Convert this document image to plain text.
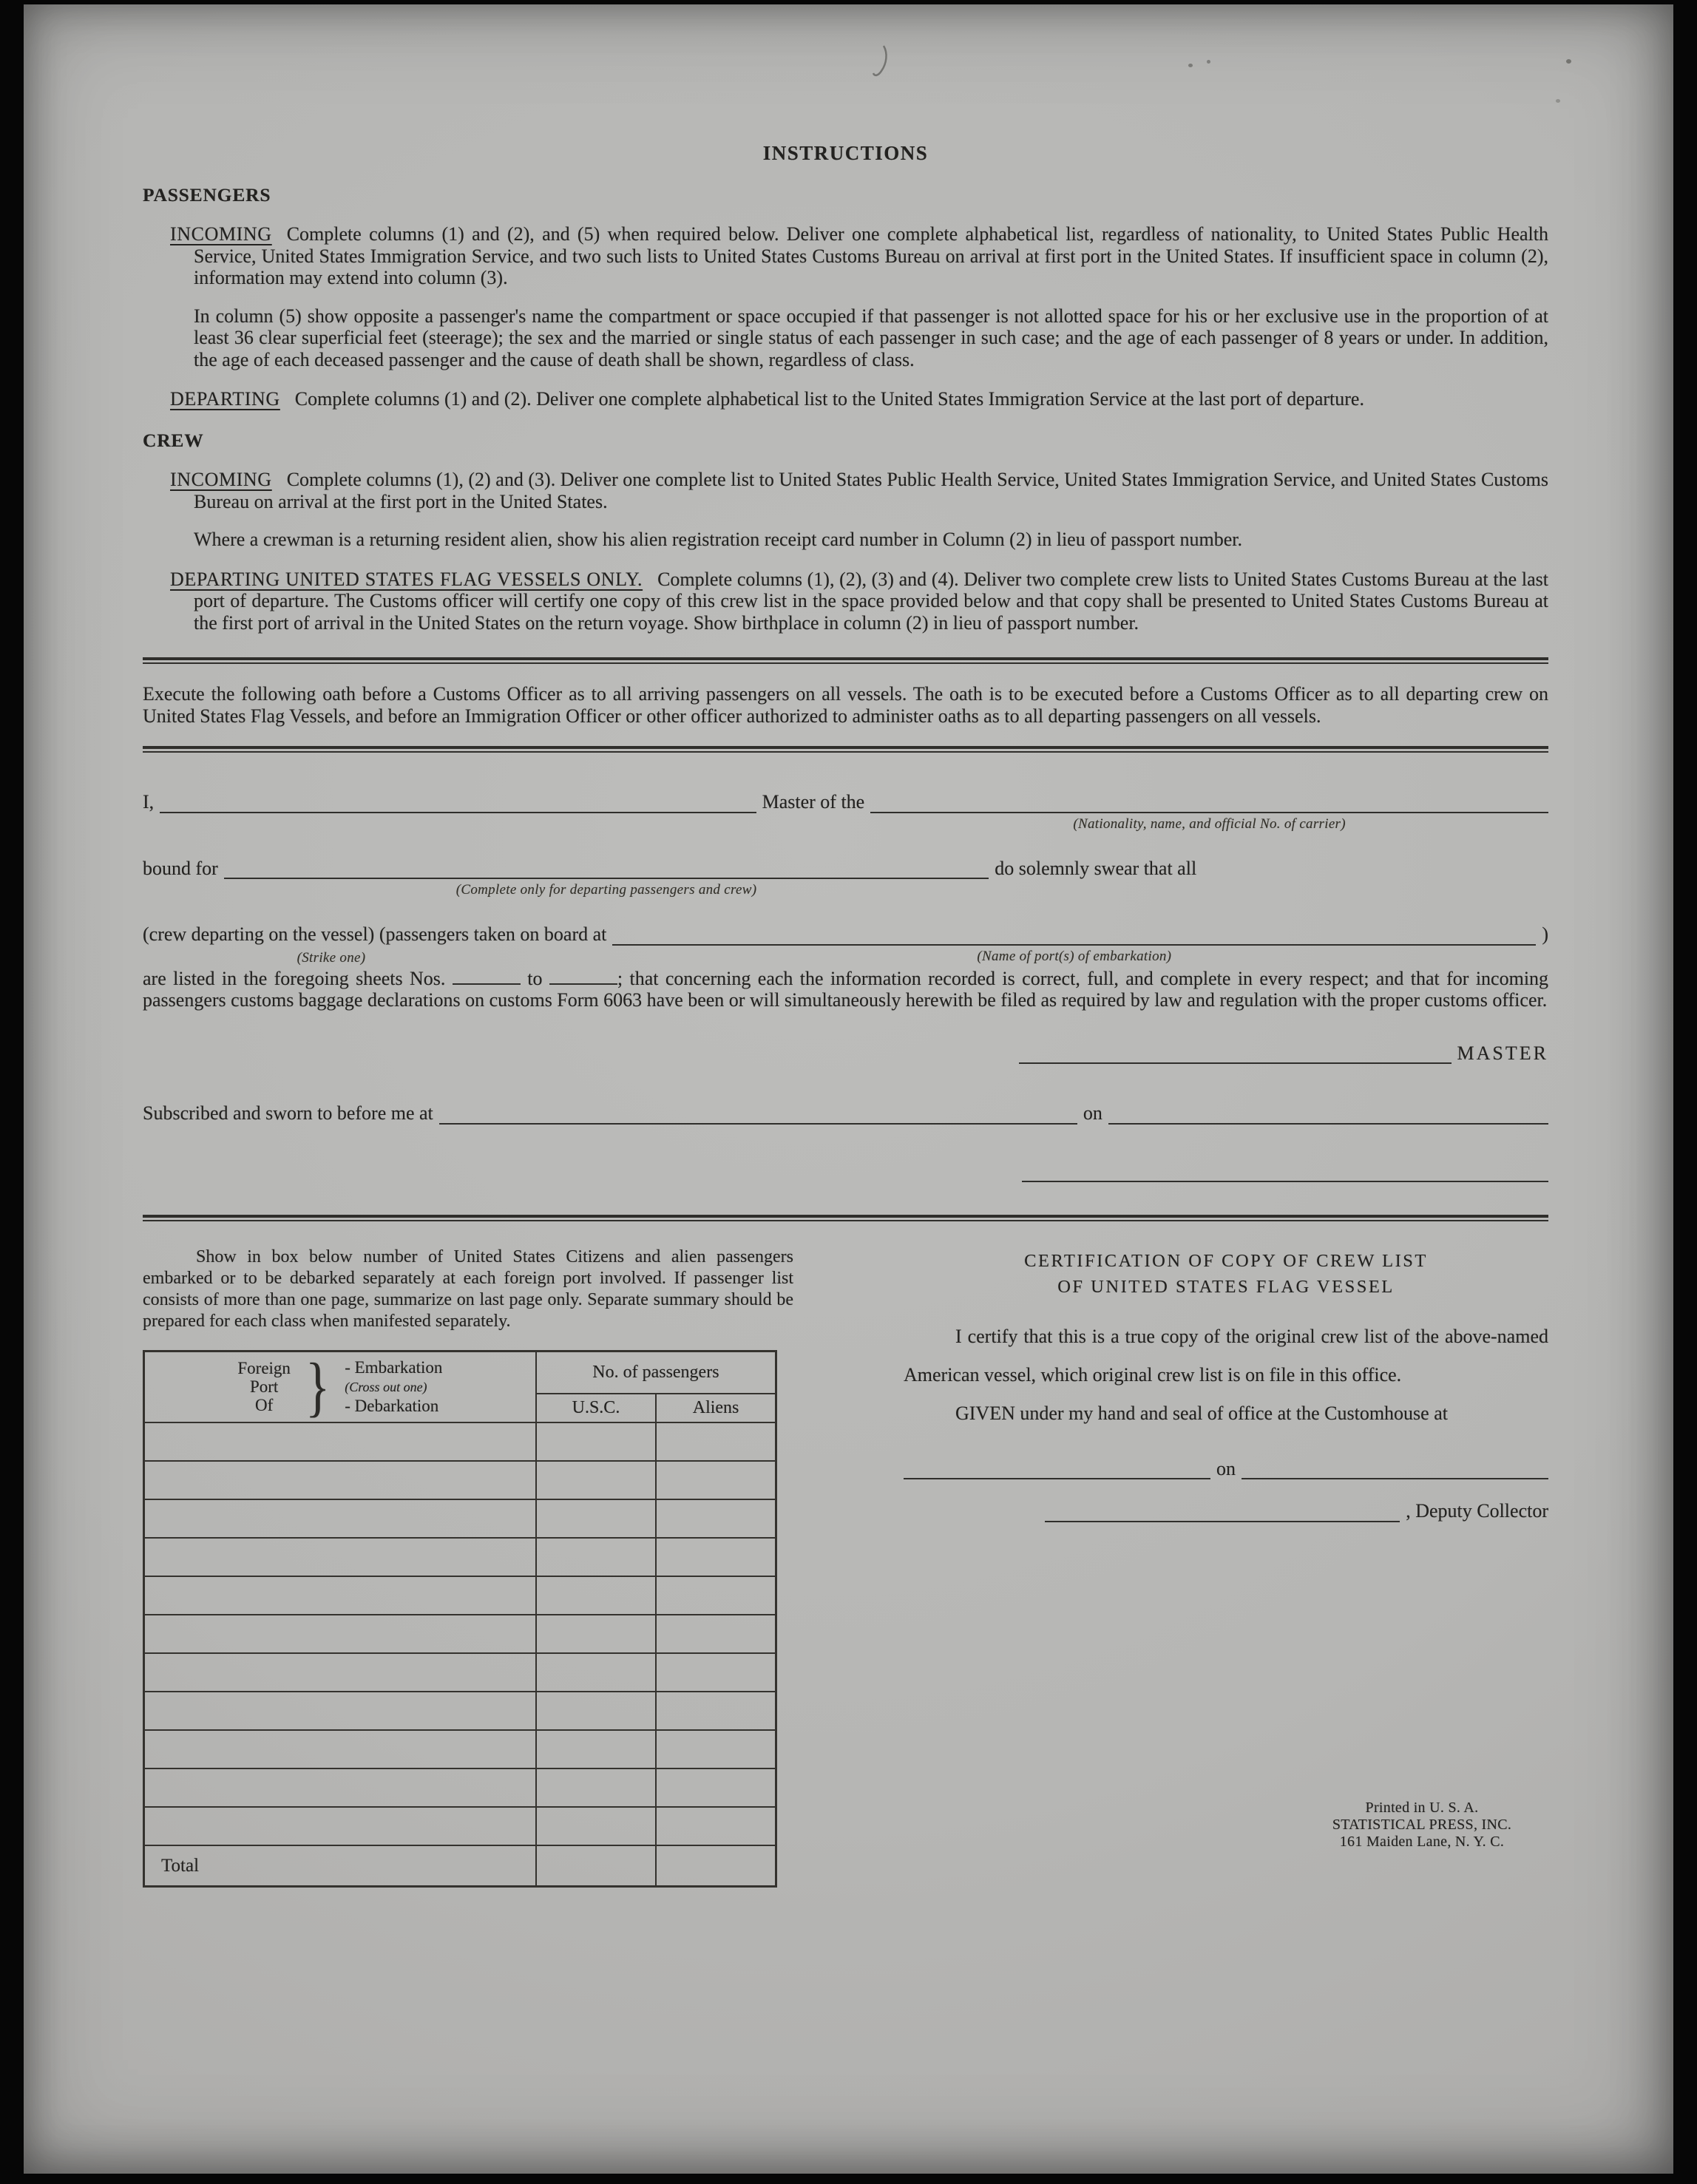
INSTRUCTIONS
PASSENGERS

INCOMING Complete columns (1) and (2), and (5) when required below. Deliver one complete alphabetical list, regardless of nationality, to United States Public Health Service, United States Immigration Service, and two such lists to United States Customs Bureau on arrival at first port in the United States. If insufficient space in column (2), information may extend into column (3).

In column (5) show opposite a passenger's name the compartment or space occupied if that passenger is not allotted space for his or her exclusive use in the proportion of at least 36 clear superficial feet (steerage); the sex and the married or single status of each passenger in such case; and the age of each passenger of 8 years or under. In addition, the age of each deceased passenger and the cause of death shall be shown, regardless of class.

DEPARTING Complete columns (1) and (2). Deliver one complete alphabetical list to the United States Immigration Service at the last port of departure.

CREW

INCOMING Complete columns (1), (2) and (3). Deliver one complete list to United States Public Health Service, United States Immigration Service, and United States Customs Bureau on arrival at the first port in the United States.

Where a crewman is a returning resident alien, show his alien registration receipt card number in Column (2) in lieu of passport number.

DEPARTING UNITED STATES FLAG VESSELS ONLY. Complete columns (1), (2), (3) and (4). Deliver two complete crew lists to United States Customs Bureau at the last port of departure. The Customs officer will certify one copy of this crew list in the space provided below and that copy shall be presented to United States Customs Bureau at the first port of arrival in the United States on the return voyage. Show birthplace in column (2) in lieu of passport number.

Execute the following oath before a Customs Officer as to all arriving passengers on all vessels. The oath is to be executed before a Customs Officer as to all departing crew on United States Flag Vessels, and before an Immigration Officer or other officer authorized to administer oaths as to all departing passengers on all vessels.

I,	Master of the
(Nationality, name, and official No. of carrier)
bound for
(Complete only for departing passengers and crew)
do solemnly swear that all
(crew departing on the vessel) (passengers taken on board at
(Name of port(s) of embarkation)
)
(Strike one)

are listed in the foregoing sheets Nos.	to	; that concerning each the information recorded is correct, full, and complete in every respect; and that for incoming passengers customs baggage declarations on customs Form 6063 have been or will simultaneously herewith be filed as required by law and regulation with the proper customs officer.

MASTER
Subscribed and sworn to before me at	on

Show in box below number of United States Citizens and alien passengers embarked or to be debarked separately at each foreign port involved. If passenger list consists of more than one page, summarize on last page only. Separate summary should be prepared for each class when manifested separately.

Foreign
Port
Of } - Embarkation
(Cross out one)
- Debarkation
	No. of passengers
	U.S.C.	Aliens

Total		
CERTIFICATION OF COPY OF CREW LIST
OF UNITED STATES FLAG VESSEL

I certify that this is a true copy of the original crew list of the above-named American vessel, which original crew list is on file in this office.

GIVEN under my hand and seal of office at the Customhouse at

on
, Deputy Collector
Printed in U. S. A.
STATISTICAL PRESS, INC.
161 Maiden Lane, N. Y. C.
